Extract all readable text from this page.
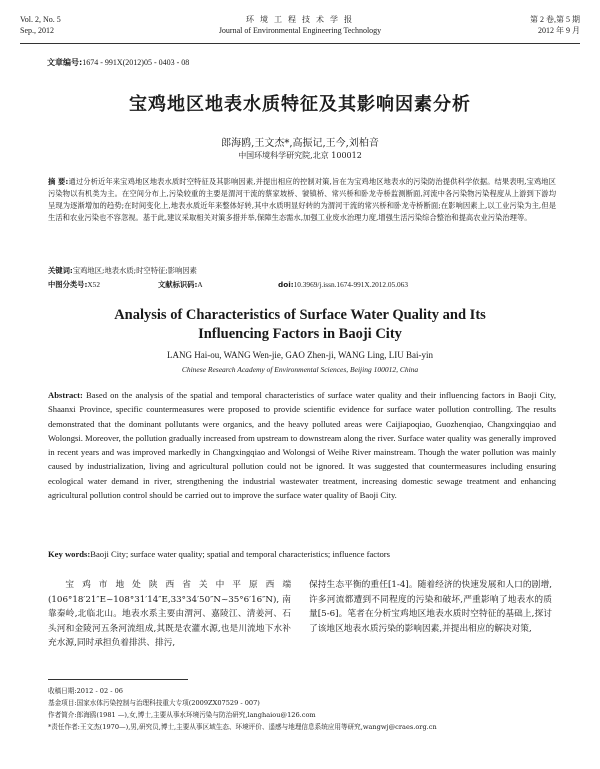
Vol. 2, No. 5
Sep., 2012
环 境 工 程 技 术 学 报
Journal of Environmental Engineering Technology
第 2 卷,第 5 期
2012 年 9 月
文章编号:1674 - 991X(2012)05 - 0403 - 08
宝鸡地区地表水质特征及其影响因素分析
郎海鸥,王文杰*,高振记,王今,刘柏音
中国环境科学研究院,北京 100012
摘 要:通过分析近年来宝鸡地区地表水质时空特征及其影响因素,并提出相应的控制对策,旨在为宝鸡地区地表水的污染防治提供科学依据。结果表明,宝鸡地区污染物以有机类为主。在空间分布上,污染较重的主要是渭河干流的蔡家坡桥、虢镇桥、常兴桥和卧龙寺桥监测断面,河流中各污染物污染程度从上游到下游均呈现为逐渐增加的趋势;在时间变化上,地表水质近年来整体好转,其中水质明显好转的为渭河干流的常兴桥和卧龙寺桥断面;在影响因素上,以工业污染为主,但是生活和农业污染也不容忽视。基于此,建议采取相关对策多措并举,保障生态需水,加强工业废水治理力度,增强生活污染综合整治和提高农业污染治理等。
关键词:宝鸡地区;地表水质;时空特征;影响因素
中图分类号:X52	文献标识码:A	doi:10.3969/j.issn.1674-991X.2012.05.063
Analysis of Characteristics of Surface Water Quality and Its
Influencing Factors in Baoji City
LANG Hai-ou, WANG Wen-jie, GAO Zhen-ji, WANG Ling, LIU Bai-yin
Chinese Research Academy of Environmental Sciences, Beijing 100012, China
Abstract: Based on the analysis of the spatial and temporal characteristics of surface water quality and their influencing factors in Baoji City, Shaanxi Province, specific countermeasures were proposed to provide scientific evidence for surface water pollution controlling. The results demonstrated that the dominant pollutants were organics, and the heavy polluted areas were Caijiapoqiao, Guozhenqiao, Changxingqiao and Wolongsi. Moreover, the pollution gradually increased from upstream to downstream along the river. Surface water quality was generally improved in recent years and was improved markedly in Changxingqiao and Wolongsi of Weihe River mainstream. Though the water pollution was mainly caused by industrialization, living and agricultural pollution could not be ignored. It was suggested that countermeasures including ensuring ecological water demand in river, strengthening the industrial wastewater treatment, increasing domestic sewage treatment and enhancing agricultural pollution control should be carried out to improve the surface water quality of Baoji City.
Key words:Baoji City; surface water quality; spatial and temporal characteristics; influence factors

宝鸡市地处陕西省关中平原西端(106°18′21″E~108°31′14″E,33°34′50″N~35°6′16″N),南靠秦岭,北临北山。地表水系主要由渭河、嘉陵江、清姜河、石头河和金陵河五条河流组成,其既是农灌水源,也是川流地下水补充水源,同时承担负着排洪、排污,

保持生态平衡的重任[1-4]。随着经济的快速发展和人口的剧增,许多河流都遭到不同程度的污染和破坏,严重影响了地表水的质量[5-6]。笔者在分析宝鸡地区地表水质时空特征的基础上,探讨了该地区地表水质污染的影响因素,并提出相应的解决对策,

收稿日期:2012 - 02 - 06
基金项目:国家水体污染控制与治理科技重大专项(2009ZX07529 - 007)
作者简介:郎海鸥(1981 —),女,博士,主要从事水环境污染与防治研究,langhaiou@126.com
*责任作者:王文杰(1970—),男,研究员,博士,主要从事区域生态、环境评价、遥感与地理信息系统应用等研究,wangwj@craes.org.cn
